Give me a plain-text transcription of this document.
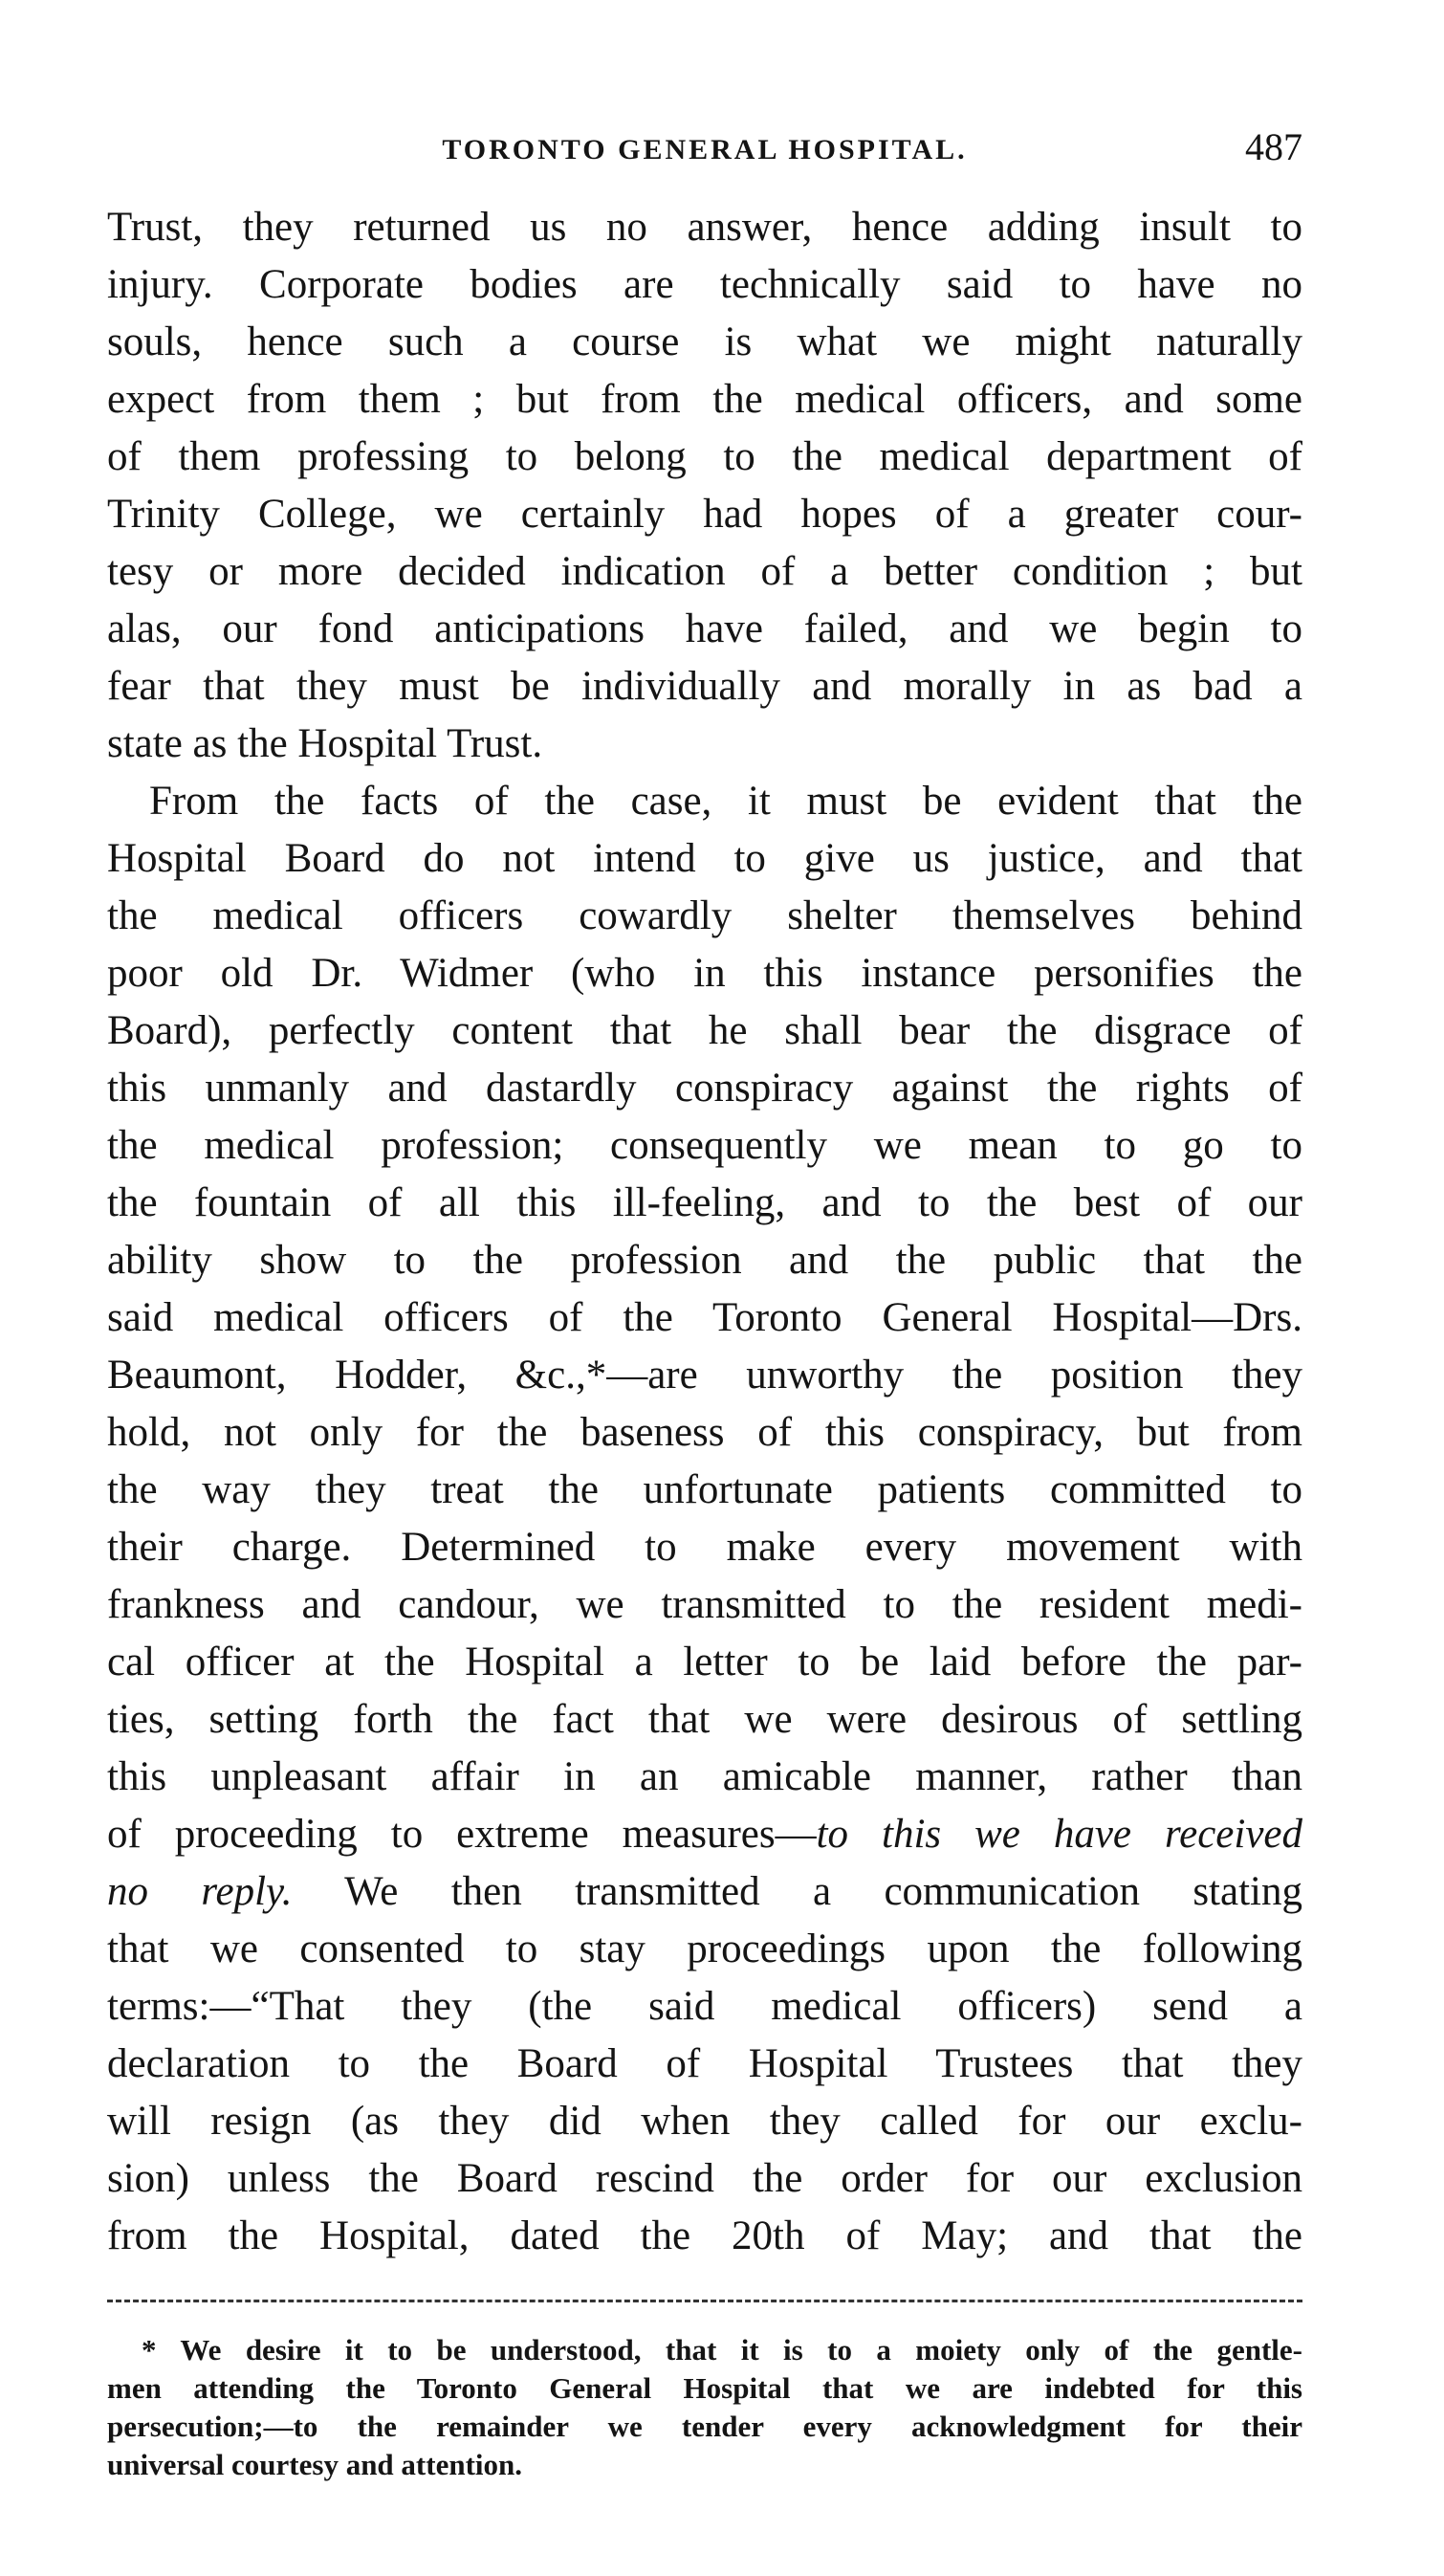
TORONTO GENERAL HOSPITAL.	487
Trust, they returned us no answer, hence adding insult to
injury. Corporate bodies are technically said to have no
souls, hence such a course is what we might naturally
expect from them ; but from the medical officers, and some
of them professing to belong to the medical department of
Trinity College, we certainly had hopes of a greater cour-
tesy or more decided indication of a better condition ; but
alas, our fond anticipations have failed, and we begin to
fear that they must be individually and morally in as bad a
state as the Hospital Trust.
From the facts of the case, it must be evident that the
Hospital Board do not intend to give us justice, and that
the medical officers cowardly shelter themselves behind
poor old Dr. Widmer (who in this instance personifies the
Board), perfectly content that he shall bear the disgrace of
this unmanly and dastardly conspiracy against the rights of
the medical profession; consequently we mean to go to
the fountain of all this ill-feeling, and to the best of our
ability show to the profession and the public that the
said medical officers of the Toronto General Hospital—Drs.
Beaumont, Hodder, &c.,*—are unworthy the position they
hold, not only for the baseness of this conspiracy, but from
the way they treat the unfortunate patients committed to
their charge. Determined to make every movement with
frankness and candour, we transmitted to the resident medi-
cal officer at the Hospital a letter to be laid before the par-
ties, setting forth the fact that we were desirous of settling
this unpleasant affair in an amicable manner, rather than
of proceeding to extreme measures—to this we have received
no reply. We then transmitted a communication stating
that we consented to stay proceedings upon the following
terms:—“That they (the said medical officers) send a
declaration to the Board of Hospital Trustees that they
will resign (as they did when they called for our exclu-
sion) unless the Board rescind the order for our exclusion
from the Hospital, dated the 20th of May; and that the
* We desire it to be understood, that it is to a moiety only of the gentle-
men attending the Toronto General Hospital that we are indebted for this
persecution;—to the remainder we tender every acknowledgment for their
universal courtesy and attention.
